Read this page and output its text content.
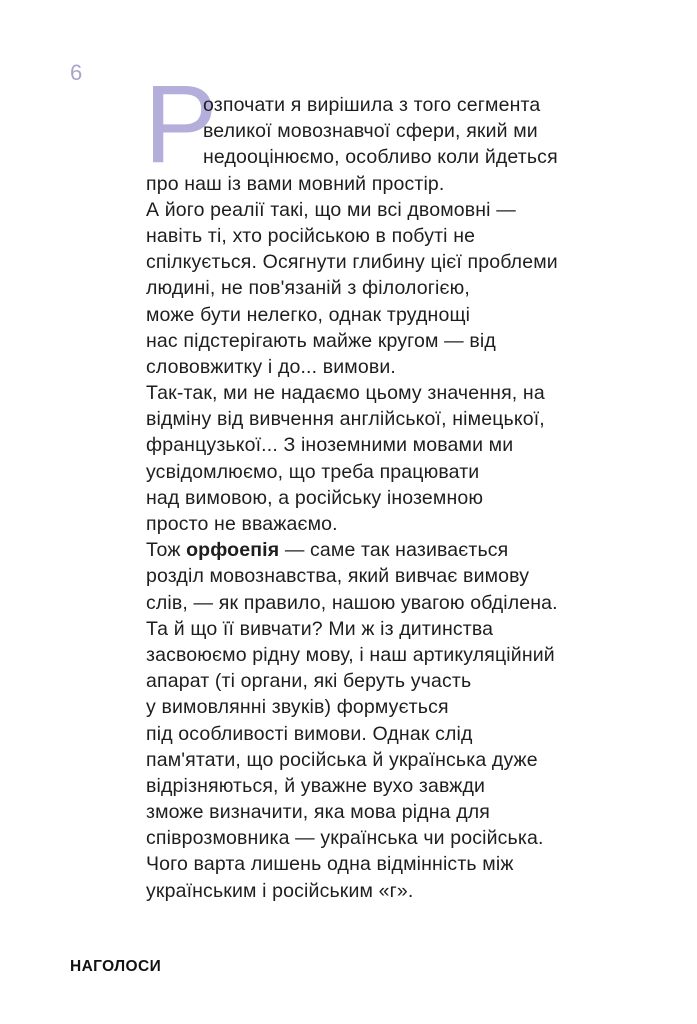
6 Р
озпочати я вирішила з того сегмента
великої мовознавчої сфери, який ми
недооцінюємо, особливо коли йдеться
про наш із вами мовний простір.
А його реалії такі, що ми всі двомовні —
навіть ті, хто російською в побуті не
спілкується. Осягнути глибину цієї проблеми
людині, не пов'язаній з філологією,
може бути нелегко, однак труднощі
нас підстерігають майже кругом — від
слововжитку і до... вимови.
Так-так, ми не надаємо цьому значення, на
відміну від вивчення англійської, німецької,
французької... З іноземними мовами ми
усвідомлюємо, що треба працювати
над вимовою, а російську іноземною
просто не вважаємо.
Тож орфоепія — саме так називається
розділ мовознавства, який вивчає вимову
слів, — як правило, нашою увагою обділена.
Та й що її вивчати? Ми ж із дитинства
засвоюємо рідну мову, і наш артикуляційний
апарат (ті органи, які беруть участь
у вимовлянні звуків) формується
під особливості вимови. Однак слід
пам'ятати, що російська й українська дуже
відрізняються, й уважне вухо завжди
зможе визначити, яка мова рідна для
співрозмовника — українська чи російська.
Чого варта лишень одна відмінність між
українським і російським «г».
НАГОЛОСИ
